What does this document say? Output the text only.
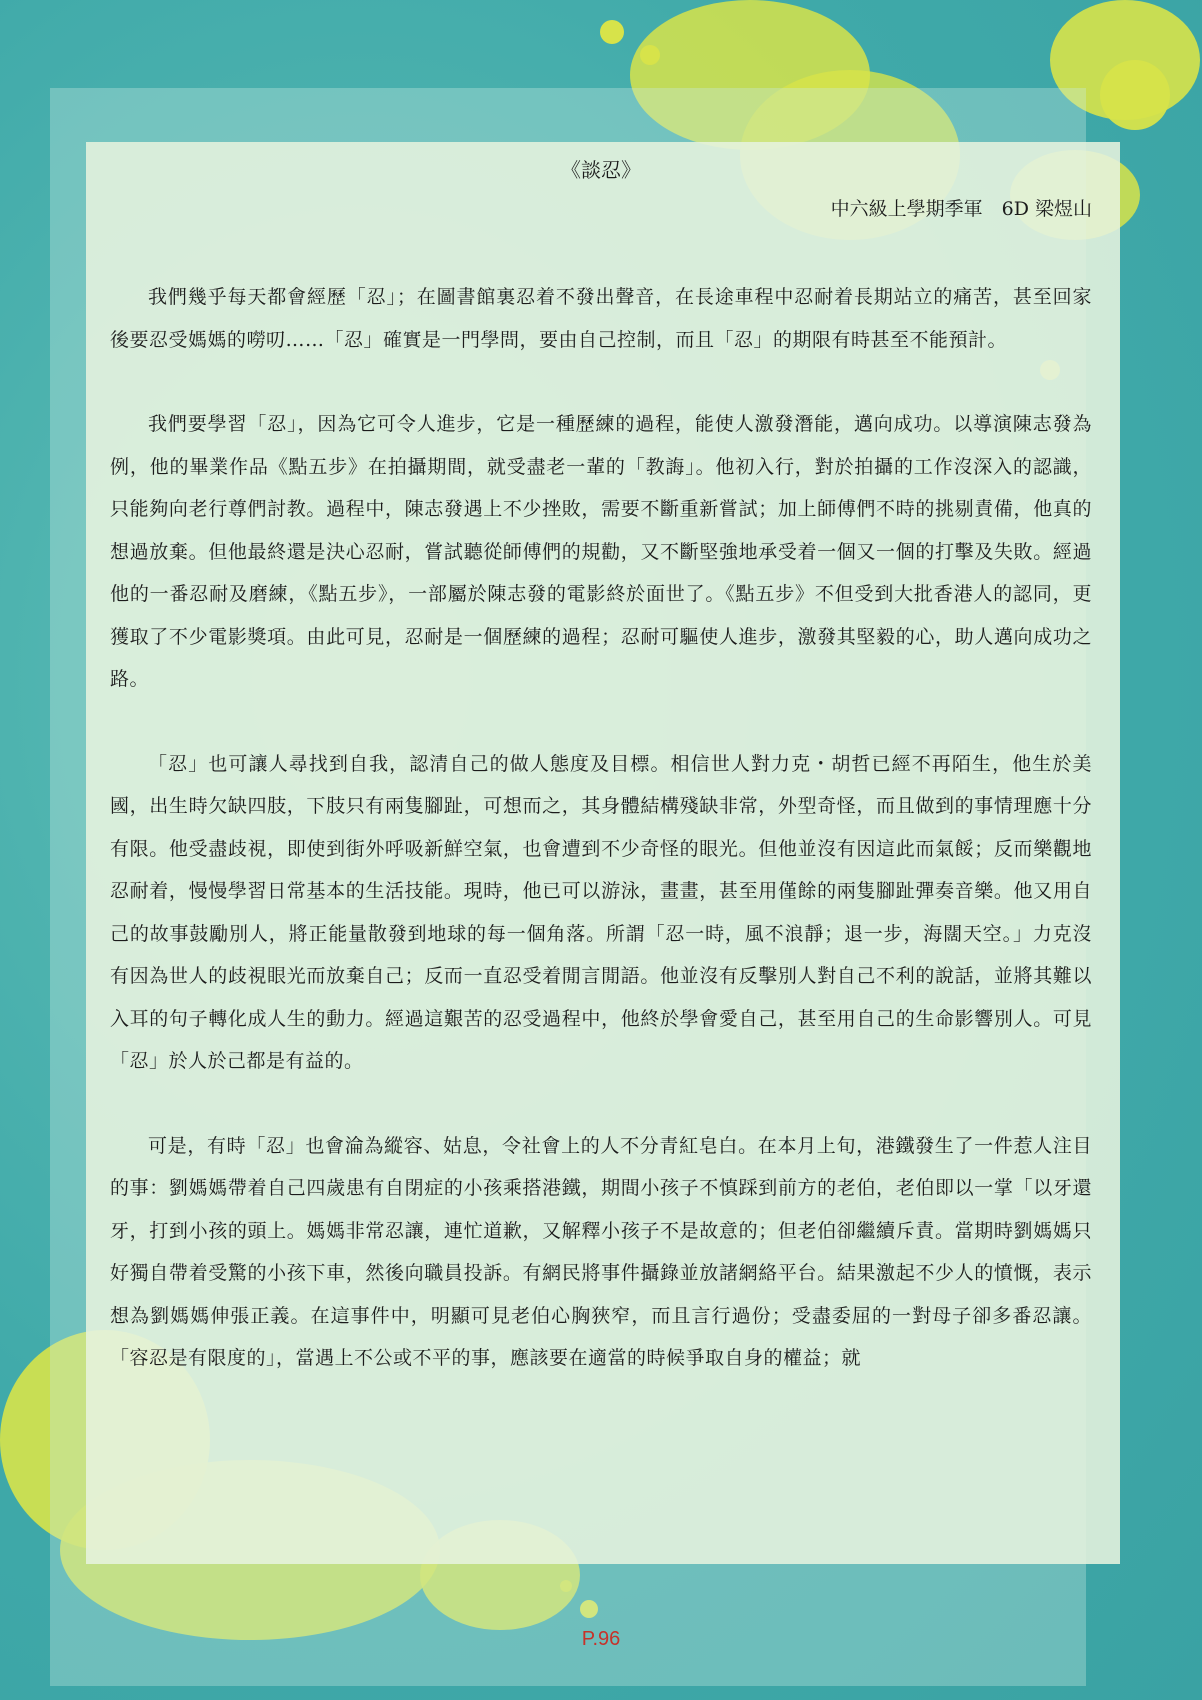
《談忍》
中六級上學期季軍　6D 梁煜山

我們幾乎每天都會經歷「忍」；在圖書館裏忍着不發出聲音，在長途車程中忍耐着長期站立的痛苦，甚至回家後要忍受媽媽的嘮叨……「忍」確實是一門學問，要由自己控制，而且「忍」的期限有時甚至不能預計。

我們要學習「忍」，因為它可令人進步，它是一種歷練的過程，能使人激發潛能，邁向成功。以導演陳志發為例，他的畢業作品《點五步》在拍攝期間，就受盡老一輩的「教誨」。他初入行，對於拍攝的工作沒深入的認識，只能夠向老行尊們討教。過程中，陳志發遇上不少挫敗，需要不斷重新嘗試；加上師傅們不時的挑剔責備，他真的想過放棄。但他最終還是決心忍耐，嘗試聽從師傅們的規勸，又不斷堅強地承受着一個又一個的打擊及失敗。經過他的一番忍耐及磨練，《點五步》，一部屬於陳志發的電影終於面世了。《點五步》不但受到大批香港人的認同，更獲取了不少電影獎項。由此可見，忍耐是一個歷練的過程；忍耐可驅使人進步，激發其堅毅的心，助人邁向成功之路。

「忍」也可讓人尋找到自我，認清自己的做人態度及目標。相信世人對力克・胡哲已經不再陌生，他生於美國，出生時欠缺四肢，下肢只有兩隻腳趾，可想而之，其身體結構殘缺非常，外型奇怪，而且做到的事情理應十分有限。他受盡歧視，即使到街外呼吸新鮮空氣，也會遭到不少奇怪的眼光。但他並沒有因這此而氣餒；反而樂觀地忍耐着，慢慢學習日常基本的生活技能。現時，他已可以游泳，畫畫，甚至用僅餘的兩隻腳趾彈奏音樂。他又用自己的故事鼓勵別人，將正能量散發到地球的每一個角落。所謂「忍一時，風不浪靜；退一步，海闊天空。」力克沒有因為世人的歧視眼光而放棄自己；反而一直忍受着閒言閒語。他並沒有反擊別人對自己不利的說話，並將其難以入耳的句子轉化成人生的動力。經過這艱苦的忍受過程中，他終於學會愛自己，甚至用自己的生命影響別人。可見「忍」於人於己都是有益的。

可是，有時「忍」也會淪為縱容、姑息，令社會上的人不分青紅皂白。在本月上旬，港鐵發生了一件惹人注目的事：劉媽媽帶着自己四歲患有自閉症的小孩乘搭港鐵，期間小孩子不慎踩到前方的老伯，老伯即以一掌「以牙還牙，打到小孩的頭上。媽媽非常忍讓，連忙道歉，又解釋小孩子不是故意的；但老伯卻繼續斥責。當期時劉媽媽只好獨自帶着受驚的小孩下車，然後向職員投訴。有網民將事件攝錄並放諸網絡平台。結果激起不少人的憤慨，表示想為劉媽媽伸張正義。在這事件中，明顯可見老伯心胸狹窄，而且言行過份；受盡委屈的一對母子卻多番忍讓。「容忍是有限度的」，當遇上不公或不平的事，應該要在適當的時候爭取自身的權益；就

P.96
